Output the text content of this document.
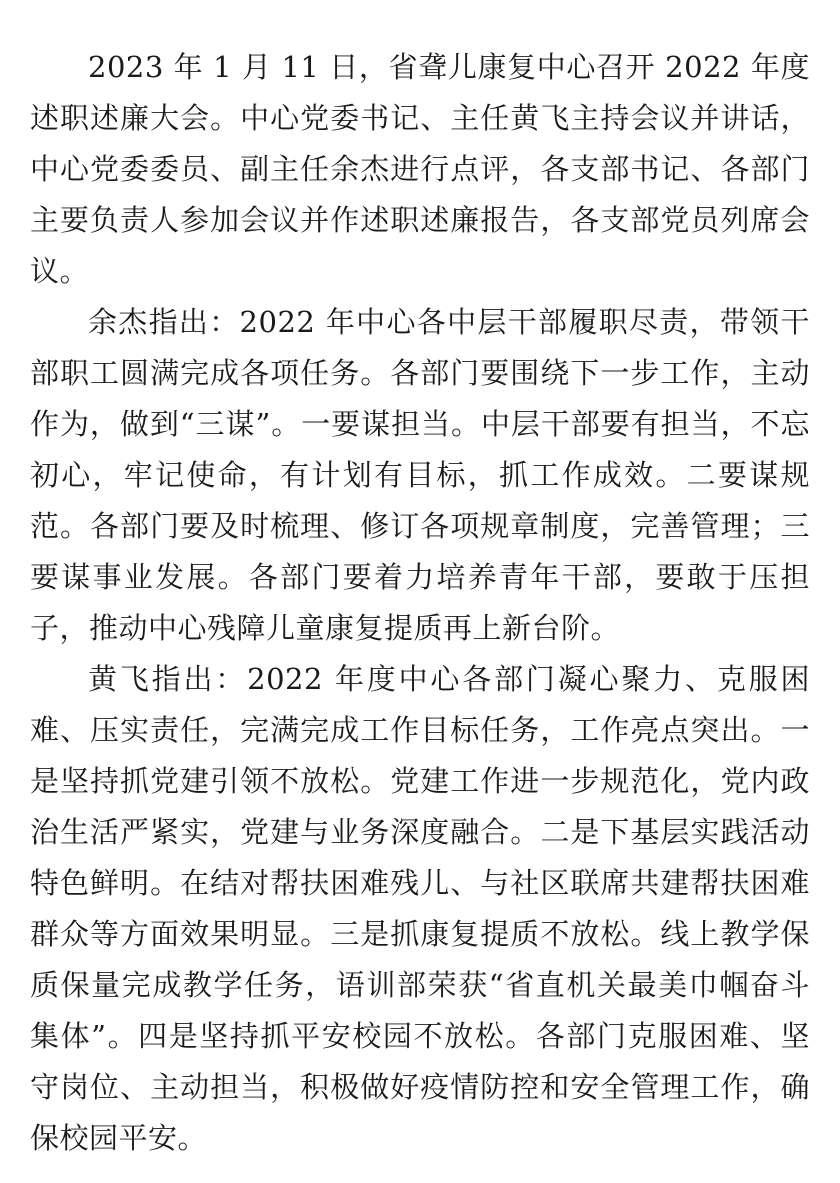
2023 年 1 月 11 日，省聋儿康复中心召开 2022 年度述职述廉大会。中心党委书记、主任黄飞主持会议并讲话，中心党委委员、副主任余杰进行点评，各支部书记、各部门主要负责人参加会议并作述职述廉报告，各支部党员列席会议。

余杰指出：2022 年中心各中层干部履职尽责，带领干部职工圆满完成各项任务。各部门要围绕下一步工作，主动作为，做到“三谋”。一要谋担当。中层干部要有担当，不忘初心，牢记使命，有计划有目标，抓工作成效。二要谋规范。各部门要及时梳理、修订各项规章制度，完善管理；三要谋事业发展。各部门要着力培养青年干部，要敢于压担子，推动中心残障儿童康复提质再上新台阶。

黄飞指出：2022 年度中心各部门凝心聚力、克服困难、压实责任，完满完成工作目标任务，工作亮点突出。一是坚持抓党建引领不放松。党建工作进一步规范化，党内政治生活严紧实，党建与业务深度融合。二是下基层实践活动特色鲜明。在结对帮扶困难残儿、与社区联席共建帮扶困难群众等方面效果明显。三是抓康复提质不放松。线上教学保质保量完成教学任务，语训部荣获“省直机关最美巾帼奋斗集体”。四是坚持抓平安校园不放松。各部门克服困难、坚守岗位、主动担当，积极做好疫情防控和安全管理工作，确保校园平安。
